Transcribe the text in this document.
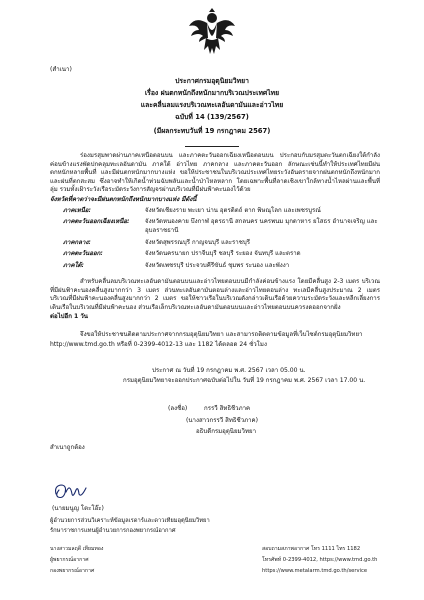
(สำเนา)
ประกาศกรมอุตุนิยมวิทยา
เรื่อง ฝนตกหนักถึงหนักมากบริเวณประเทศไทย
และคลื่นลมแรงบริเวณทะเลอันดามันและอ่าวไทย
ฉบับที่ 14 (139/2567)
(มีผลกระทบวันที่ 19 กรกฎาคม 2567)
ร่องมรสุมพาดผ่านภาคเหนือตอนบน และภาคตะวันออกเฉียงเหนือตอนบน ประกอบกับมรสุมตะวันตกเฉียงใต้กำลังค่อนข้างแรงพัดปกคลุมทะเลอันดามัน ภาคใต้ อ่าวไทย ภาคกลาง และภาคตะวันออก ลักษณะเช่นนี้ทำให้ประเทศไทยมีฝนตกหนักหลายพื้นที่ และมีฝนตกหนักมากบางแห่ง ขอให้ประชาชนในบริเวณประเทศไทยระวังอันตรายจากฝนตกหนักถึงหนักมากและฝนที่ตกสะสม ซึ่งอาจทำให้เกิดน้ำท่วมฉับพลันและน้ำป่าไหลหลาก โดยเฉพาะพื้นที่ลาดเชิงเขาใกล้ทางน้ำไหลผ่านและพื้นที่ลุ่ม รวมทั้งเฝ้าระวังเรือระมัดระวังการสัญจรผ่านบริเวณที่มีฝนฟ้าคะนองไว้ด้วย
จังหวัดที่คาดว่าจะมีฝนตกหนักถึงหนักมากบางแห่ง มีดังนี้
ภาคเหนือ:	จังหวัดเชียงราย พะเยา น่าน อุตรดิตถ์ ตาก พิษณุโลก และเพชรบูรณ์
ภาคตะวันออกเฉียงเหนือ:	จังหวัดหนองคาย บึงกาฬ อุดรธานี สกลนคร นครพนม มุกดาหาร ยโสธร อำนาจเจริญ และอุบลราชธานี
ภาคกลาง:	จังหวัดสุพรรณบุรี กาญจนบุรี และราชบุรี
ภาคตะวันออก:	จังหวัดนครนายก ปราจีนบุรี ชลบุรี ระยอง จันทบุรี และตราด
ภาคใต้:	จังหวัดเพชรบุรี ประจวบคีรีขันธ์ ชุมพร ระนอง และพังงา
สำหรับคลื่นลมบริเวณทะเลอันดามันตอนบนและอ่าวไทยตอนบนมีกำลังค่อนข้างแรง โดยมีคลื่นสูง 2-3 เมตร บริเวณที่มีฝนฟ้าคะนองคลื่นสูงมากกว่า 3 เมตร ส่วนทะเลอันดามันตอนล่างและอ่าวไทยตอนล่าง ทะเลมีคลื่นสูงประมาณ 2 เมตร บริเวณที่มีฝนฟ้าคะนองคลื่นสูงมากกว่า 2 เมตร ขอให้ชาวเรือในบริเวณดังกล่าวเดินเรือด้วยความระมัดระวังและหลีกเลี่ยงการเดินเรือในบริเวณที่มีฝนฟ้าคะนอง ส่วนเรือเล็กบริเวณทะเลอันดามันตอนบนและอ่าวไทยตอนบนควรงดออกจากฝั่ง
ต่อไปอีก 1 วัน
จึงขอให้ประชาชนติดตามประกาศจากกรมอุตุนิยมวิทยา และสามารถติดตามข้อมูลที่เว็บไซต์กรมอุตุนิยมวิทยา
http://www.tmd.go.th หรือที่ 0-2399-4012-13 และ 1182 ได้ตลอด 24 ชั่วโมง
ประกาศ ณ วันที่ 19 กรกฎาคม พ.ศ. 2567 เวลา 05.00 น.
กรมอุตุนิยมวิทยาจะออกประกาศฉบับต่อไปใน วันที่ 19 กรกฎาคม พ.ศ. 2567 เวลา 17.00 น.
(ลงชื่อ)	กรรวี สิทธิชีวภาค
(นางสาวกรรวี สิทธิชีวภาค)
อธิบดีกรมอุตุนิยมวิทยา
สำเนาถูกต้อง
(นายมนูญ โตะโอ๊ะ)
ผู้อำนวยการส่วนวิเคราะห์ข้อมูลเรดาร์และดาวเทียมอุตุนิยมวิทยา
รักษาราชการแทนผู้อำนวยการกองพยากรณ์อากาศ
นางสาวมลฤดี เทียมทอง
ผู้พยากรณ์อากาศ
กองพยากรณ์อากาศ
สอบถามสภาพอากาศ โทร 1111 ไทร 1182
โทรศัพท์ 0-2399-4012, https://www.tmd.go.th
https://www.metalarm.tmd.go.th/service
